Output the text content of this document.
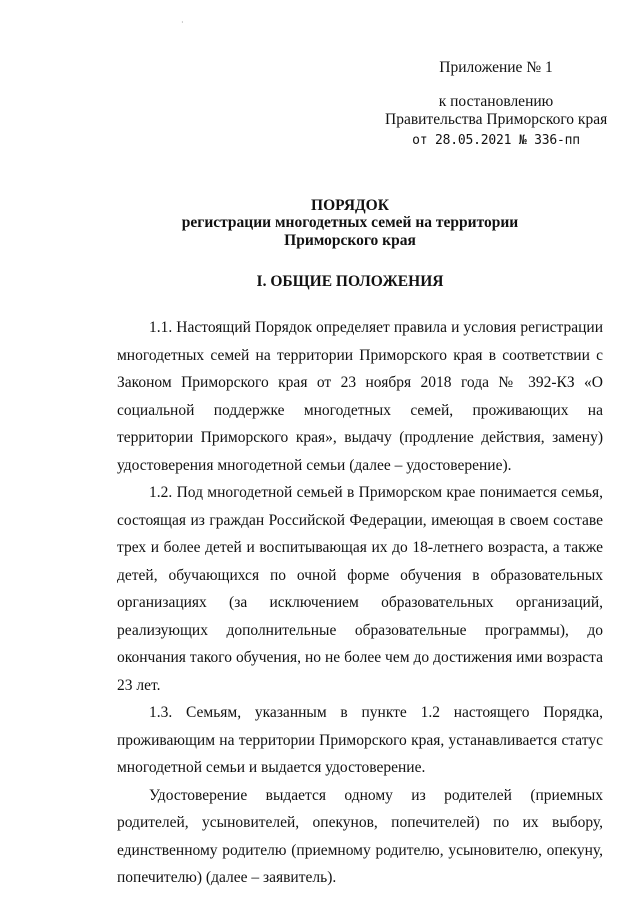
·
Приложение № 1
к постановлению
Правительства Приморского края
от 28.05.2021 № 336-пп
ПОРЯДОК
регистрации многодетных семей на территории
Приморского края
I. ОБЩИЕ ПОЛОЖЕНИЯ

1.1. Настоящий Порядок определяет правила и условия регистрации многодетных семей на территории Приморского края в соответствии с Законом Приморского края от 23 ноября 2018 года № 392-КЗ «О социальной поддержке многодетных семей, проживающих на территории Приморского края», выдачу (продление действия, замену) удостоверения многодетной семьи (далее – удостоверение).

1.2. Под многодетной семьей в Приморском крае понимается семья, состоящая из граждан Российской Федерации, имеющая в своем составе трех и более детей и воспитывающая их до 18-летнего возраста, а также детей, обучающихся по очной форме обучения в образовательных организациях (за исключением образовательных организаций, реализующих дополнительные образовательные программы), до окончания такого обучения, но не более чем до достижения ими возраста 23 лет.

1.3. Семьям, указанным в пункте 1.2 настоящего Порядка, проживающим на территории Приморского края, устанавливается статус многодетной семьи и выдается удостоверение.

Удостоверение выдается одному из родителей (приемных родителей, усыновителей, опекунов, попечителей) по их выбору, единственному родителю (приемному родителю, усыновителю, опекуну, попечителю) (далее – заявитель).
